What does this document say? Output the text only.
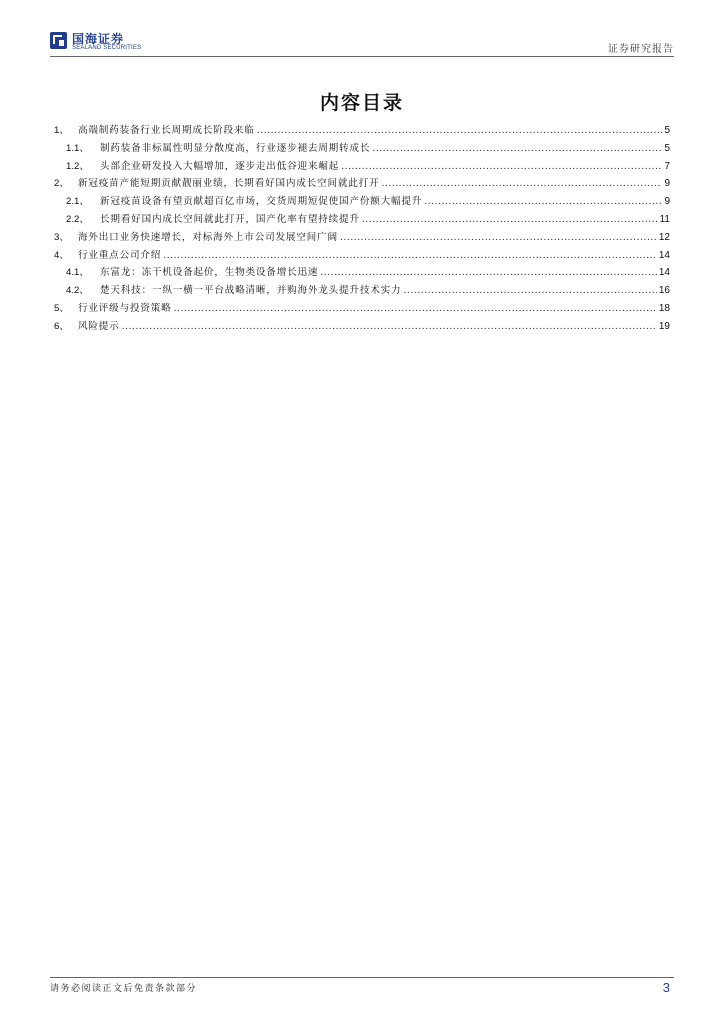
国海证券
SEALAND SECURITIES	证券研究报告
内容目录
1、 高端制药装备行业长周期成长阶段来临 .....	5
1.1、	制药装备非标属性明显分散度高，行业逐步褪去周期转成长 .....	5
1.2、	头部企业研发投入大幅增加，逐步走出低谷迎来崛起 .....	7
2、 新冠疫苗产能短期贡献靓丽业绩，长期看好国内成长空间就此打开 .....	9
2.1、	新冠疫苗设备有望贡献超百亿市场，交货周期短促使国产份额大幅提升 .....	9
2.2、	长期看好国内成长空间就此打开，国产化率有望持续提升 .....	11
3、 海外出口业务快速增长，对标海外上市公司发展空间广阔 .....	12
4、 行业重点公司介绍 .....	14
4.1、	东富龙：冻干机设备起价，生物类设备增长迅速 .....	14
4.2、	楚天科技：一纵一横一平台战略清晰，并购海外龙头提升技术实力 .....	16
5、 行业评级与投资策略 .....	18
6、 风险提示 .....	19
请务必阅读正文后免责条款部分	3
